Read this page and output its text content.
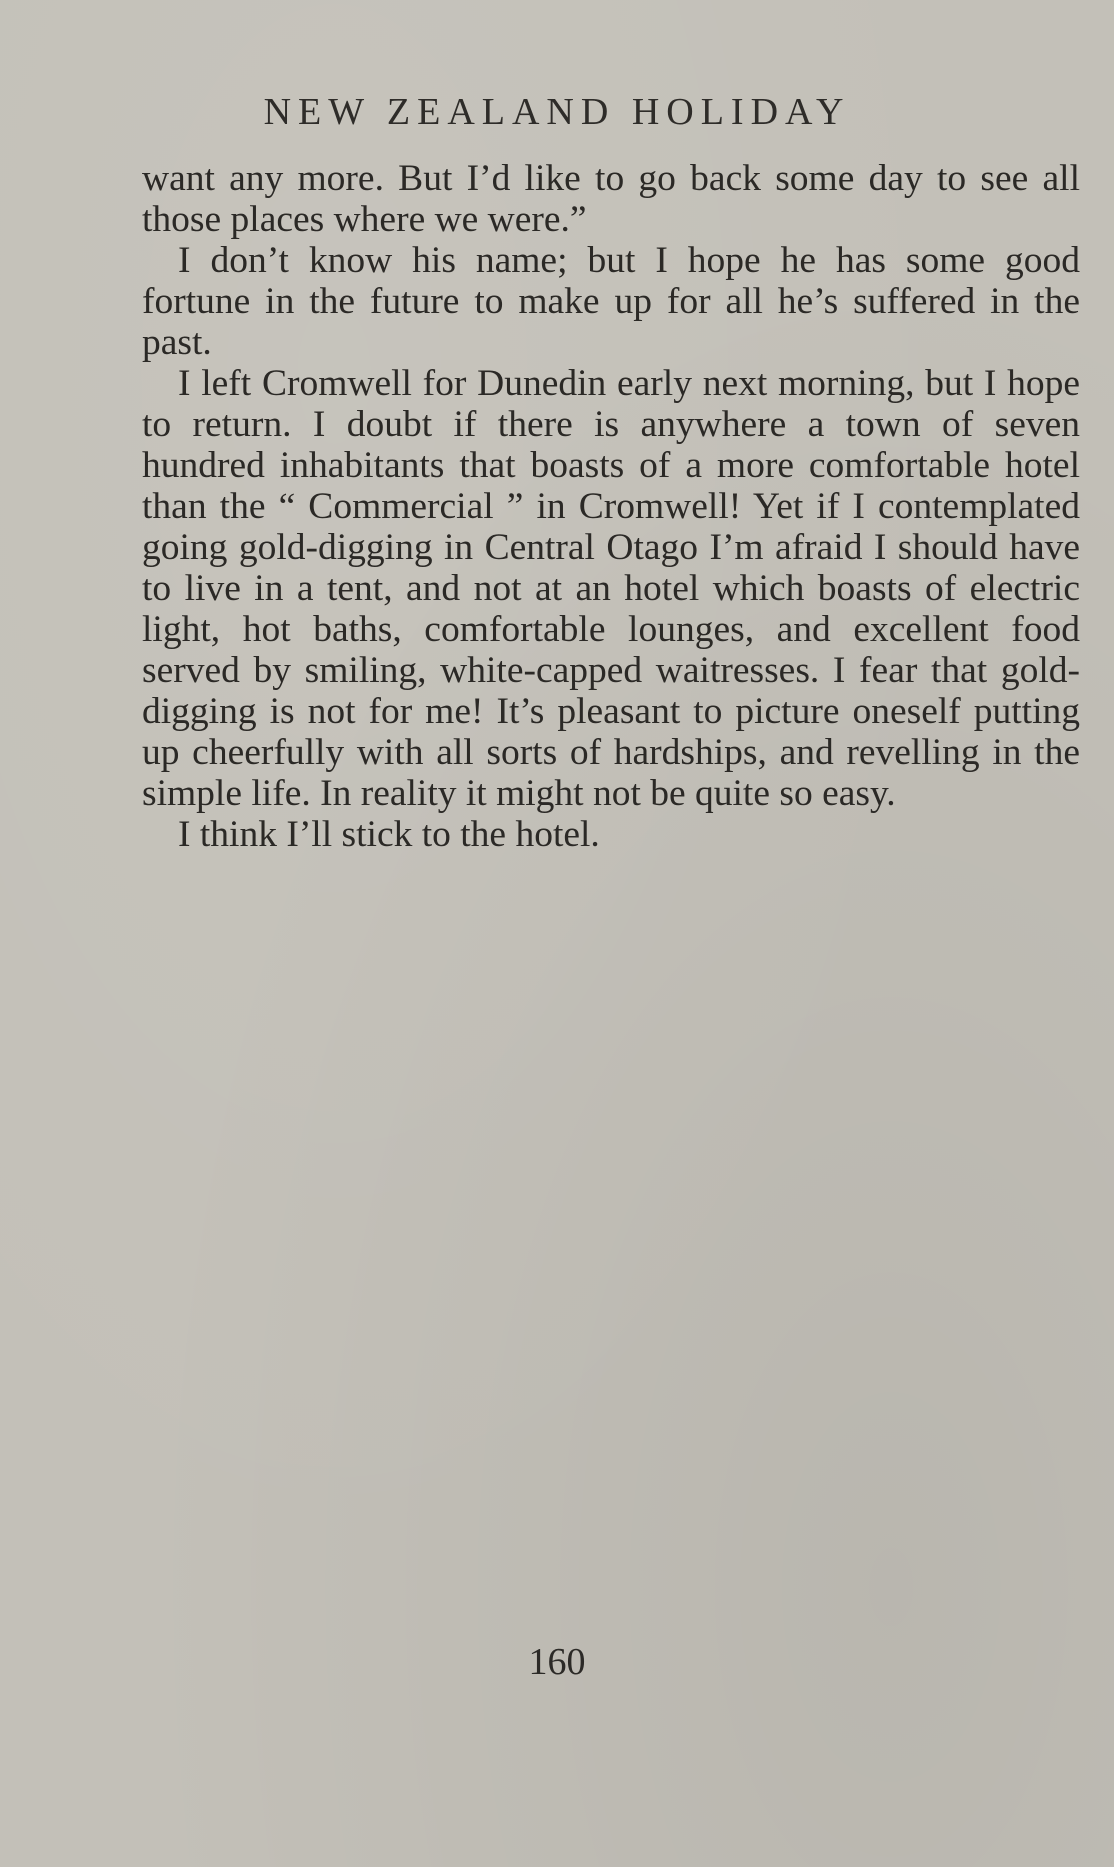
NEW ZEALAND HOLIDAY

want any more. But I’d like to go back some day to see all those places where we were.”

I don’t know his name; but I hope he has some good fortune in the future to make up for all he’s suffered in the past.

I left Cromwell for Dunedin early next morning, but I hope to return. I doubt if there is anywhere a town of seven hundred inhabitants that boasts of a more comfortable hotel than the “ Commercial ” in Cromwell! Yet if I contemplated going gold-digging in Central Otago I’m afraid I should have to live in a tent, and not at an hotel which boasts of electric light, hot baths, comfortable lounges, and excellent food served by smiling, white-capped waitresses. I fear that gold-digging is not for me! It’s pleasant to picture oneself putting up cheerfully with all sorts of hardships, and revelling in the simple life. In reality it might not be quite so easy.

I think I’ll stick to the hotel.

160
